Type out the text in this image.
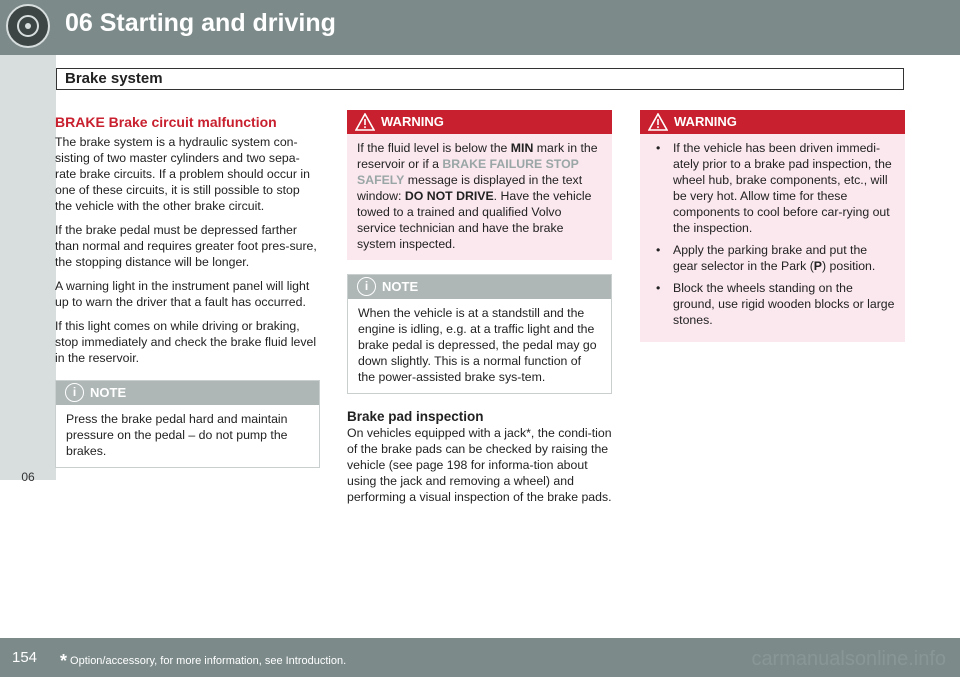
06 Starting and driving
06
Brake system
BRAKE Brake circuit malfunction

The brake system is a hydraulic system con-sisting of two master cylinders and two sepa-rate brake circuits. If a problem should occur in one of these circuits, it is still possible to stop the vehicle with the other brake circuit.

If the brake pedal must be depressed farther than normal and requires greater foot pres-sure, the stopping distance will be longer.

A warning light in the instrument panel will light up to warn the driver that a fault has occurred.

If this light comes on while driving or braking, stop immediately and check the brake fluid level in the reservoir.

i	NOTE
Press the brake pedal hard and maintain pressure on the pedal – do not pump the brakes.
WARNING
If the fluid level is below the MIN mark in the reservoir or if a BRAKE FAILURE STOP SAFELY message is displayed in the text window: DO NOT DRIVE. Have the vehicle towed to a trained and qualified Volvo service technician and have the brake system inspected.
i	NOTE
When the vehicle is at a standstill and the engine is idling, e.g. at a traffic light and the brake pedal is depressed, the pedal may go down slightly. This is a normal function of the power-assisted brake sys-tem.
Brake pad inspection

On vehicles equipped with a jack*, the condi-tion of the brake pads can be checked by raising the vehicle (see page 198 for informa-tion about using the jack and removing a wheel) and performing a visual inspection of the brake pads.

WARNING
• If the vehicle has been driven immedi-ately prior to a brake pad inspection, the wheel hub, brake components, etc., will be very hot. Allow time for these components to cool before car-rying out the inspection.
• Apply the parking brake and put the gear selector in the Park (P) position.
• Block the wheels standing on the ground, use rigid wooden blocks or large stones.
154 * Option/accessory, for more information, see Introduction.	carmanualsonline.info
